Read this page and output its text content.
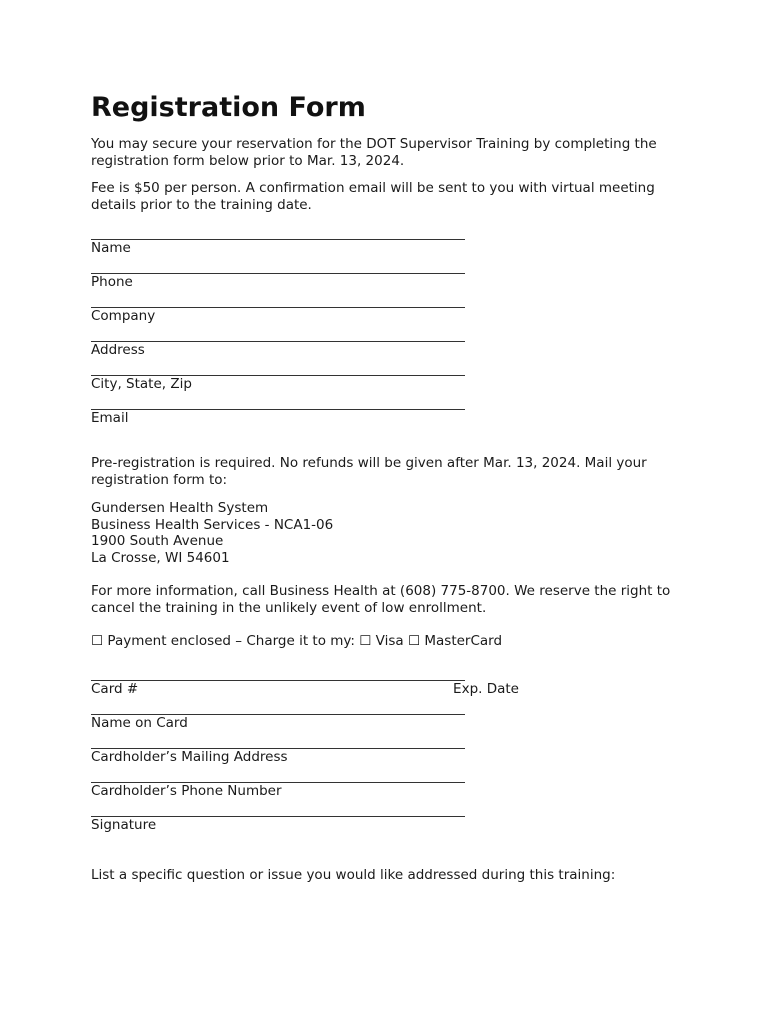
Registration Form

You may secure your reservation for the DOT Supervisor Training by completing the registration form below prior to Mar. 13, 2024.

Fee is $50 per person. A confirmation email will be sent to you with virtual meeting details prior to the training date.

Name
Phone
Company
Address
City, State, Zip
Email

Pre-registration is required. No refunds will be given after Mar. 13, 2024. Mail your registration form to:

Gundersen Health System
Business Health Services - NCA1-06
1900 South Avenue
La Crosse, WI 54601

For more information, call Business Health at (608) 775-8700. We reserve the right to cancel the training in the unlikely event of low enrollment.

☐ Payment enclosed – Charge it to my: ☐ Visa ☐ MasterCard
Card #	Exp. Date
Name on Card
Cardholder’s Mailing Address
Cardholder’s Phone Number
Signature

List a specific question or issue you would like addressed during this training:
